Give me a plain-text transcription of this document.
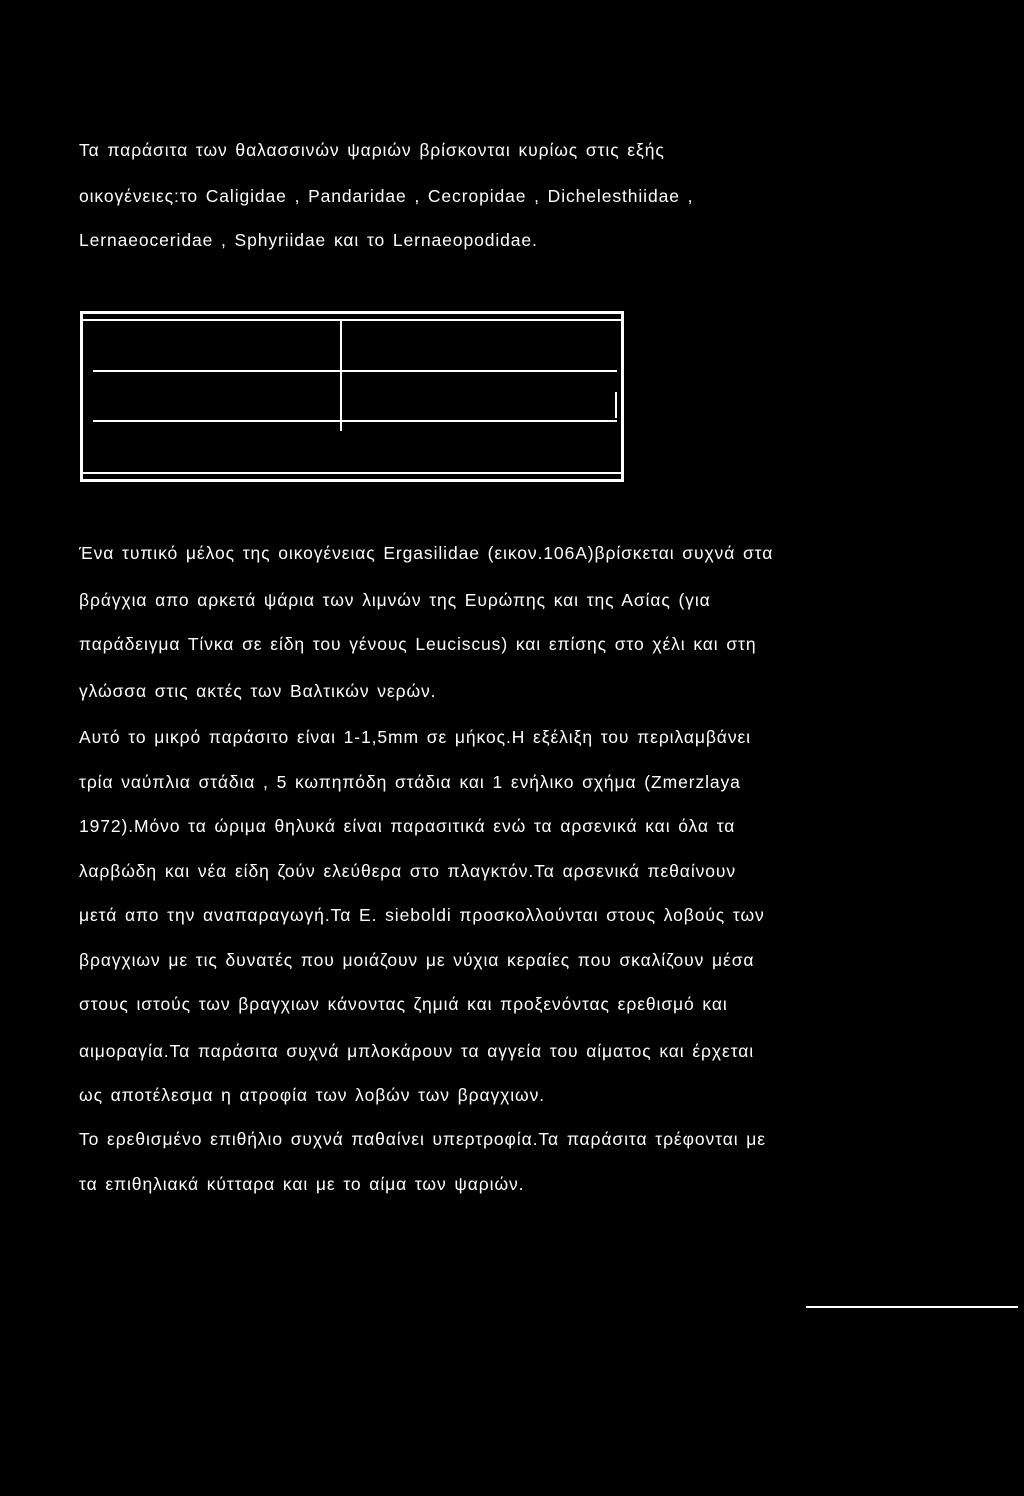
Τα παράσιτα των θαλασσινών ψαριών βρίσκονται κυρίως στις εξής
οικογένειες:το Caligidae , Pandaridae , Cecropidae , Dichelesthiidae ,
Lernaeoceridae , Sphyriidae και το Lernaeopodidae.
Ένα τυπικό μέλος της οικογένειας Ergasilidae (εικον.106A)βρίσκεται συχνά στα
βράγχια απο αρκετά ψάρια των λιμνών της Ευρώπης και της Ασίας (για
παράδειγμα Τίνκα σε είδη του γένους Leuciscus) και επίσης στο χέλι και στη
γλώσσα στις ακτές των Βαλτικών νερών.
Αυτό το μικρό παράσιτο είναι 1-1,5mm σε μήκος.Η εξέλιξη του περιλαμβάνει
τρία ναύπλια στάδια , 5 κωπηπόδη στάδια και 1 ενήλικο σχήμα (Zmerzlaya
1972).Μόνο τα ώριμα θηλυκά είναι παρασιτικά ενώ τα αρσενικά και όλα τα
λαρβώδη και νέα είδη ζούν ελεύθερα στο πλαγκτόν.Τα αρσενικά πεθαίνουν
μετά απο την αναπαραγωγή.Τα E. sieboldi προσκολλούνται στους λοβούς των
βραγχιων με τις δυνατές που μοιάζουν με νύχια κεραίες που σκαλίζουν μέσα
στους ιστούς των βραγχιων κάνοντας ζημιά και προξενόντας ερεθισμό και
αιμοραγία.Τα παράσιτα συχνά μπλοκάρουν τα αγγεία του αίματος και έρχεται
ως αποτέλεσμα η ατροφία των λοβών των βραγχιων.
Το ερεθισμένο επιθήλιο συχνά παθαίνει υπερτροφία.Τα παράσιτα τρέφονται με
τα επιθηλιακά κύτταρα και με το αίμα των ψαριών.
